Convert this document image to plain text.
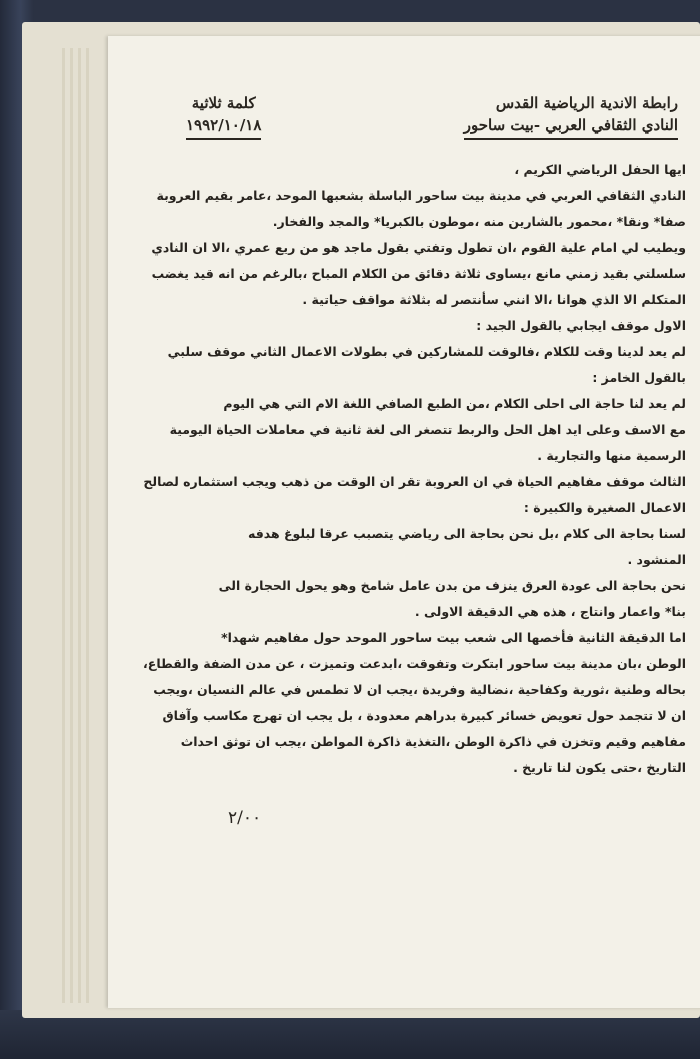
رابطة الاندية الرياضية القدس
النادي الثقافي العربي -بيت ساحور
كلمة ثلاثية
١٩٩٢/١٠/١٨

ايها الحفل الرياضي الكريم ،

النادي الثقافي العربي في مدينة بيت ساحور الباسلة بشعبها الموحد ،عامر بقيم العروبة

صفا* ونقا* ،محمور بالشارين منه ،موطون بالكبريا* والمجد والفخار.

ويطيب لي امام علية القوم ،ان تطول وتفتي بقول ماجد هو من ريع عمري ،الا ان النادي

سلسلتي بقيد زمني مانع ،يساوى ثلاثة دقائق من الكلام المباح ،بالرغم من انه قيد يغضب

المتكلم الا الذي هوانا ،الا انني سأنتصر له بثلاثة مواقف حياتية .

الاول موقف ايجابي بالقول الجيد :

لم يعد لدينا وقت للكلام ،فالوقت للمشاركين في بطولات الاعمال الثاني موقف سلبي

بالقول الخامز :

لم يعد لنا حاجة الى احلى الكلام ،من الطبع الصافي اللغة الام التي هي اليوم

مع الاسف وعلى ايد اهل الحل والربط تتصغر الى لغة ثانية في معاملات الحياة اليومية

الرسمية منها والتجارية .

الثالث موقف مفاهيم الحياة في ان العروبة تقر ان الوقت من ذهب ويجب استثماره لصالح

الاعمال الصغيرة والكبيرة :

لسنا بحاجة الى كلام ،بل نحن بحاجة الى رياضي يتصبب عرقا لبلوغ هدفه

المنشود .

نحن بحاجة الى عودة العرق ينزف من بدن عامل شامخ وهو يحول الحجارة الى

بنا* واعمار وانتاج ، هذه هي الدقيقة الاولى .

اما الدقيقة الثانية فأخصها الى شعب بيت ساحور الموحد حول مفاهيم شهدا*

الوطن ،بان مدينة بيت ساحور ابتكرت وتفوقت ،ابدعت وتميزت ، عن مدن الضفة والقطاع،

بحاله وطنية ،ثورية وكفاحية ،نضالية وفريدة ،يجب ان لا تطمس في عالم النسيان ،ويجب

ان لا تتجمد حول تعويض خسائر كبيرة بدراهم معدودة ، بل يجب ان تهرج مكاسب وآفاق

مفاهيم وقيم وتخزن في ذاكرة الوطن ،التغذية ذاكرة المواطن ،يجب ان توثق احداث

التاريخ ،حتى يكون لنا تاريخ .

٢/٠٠
